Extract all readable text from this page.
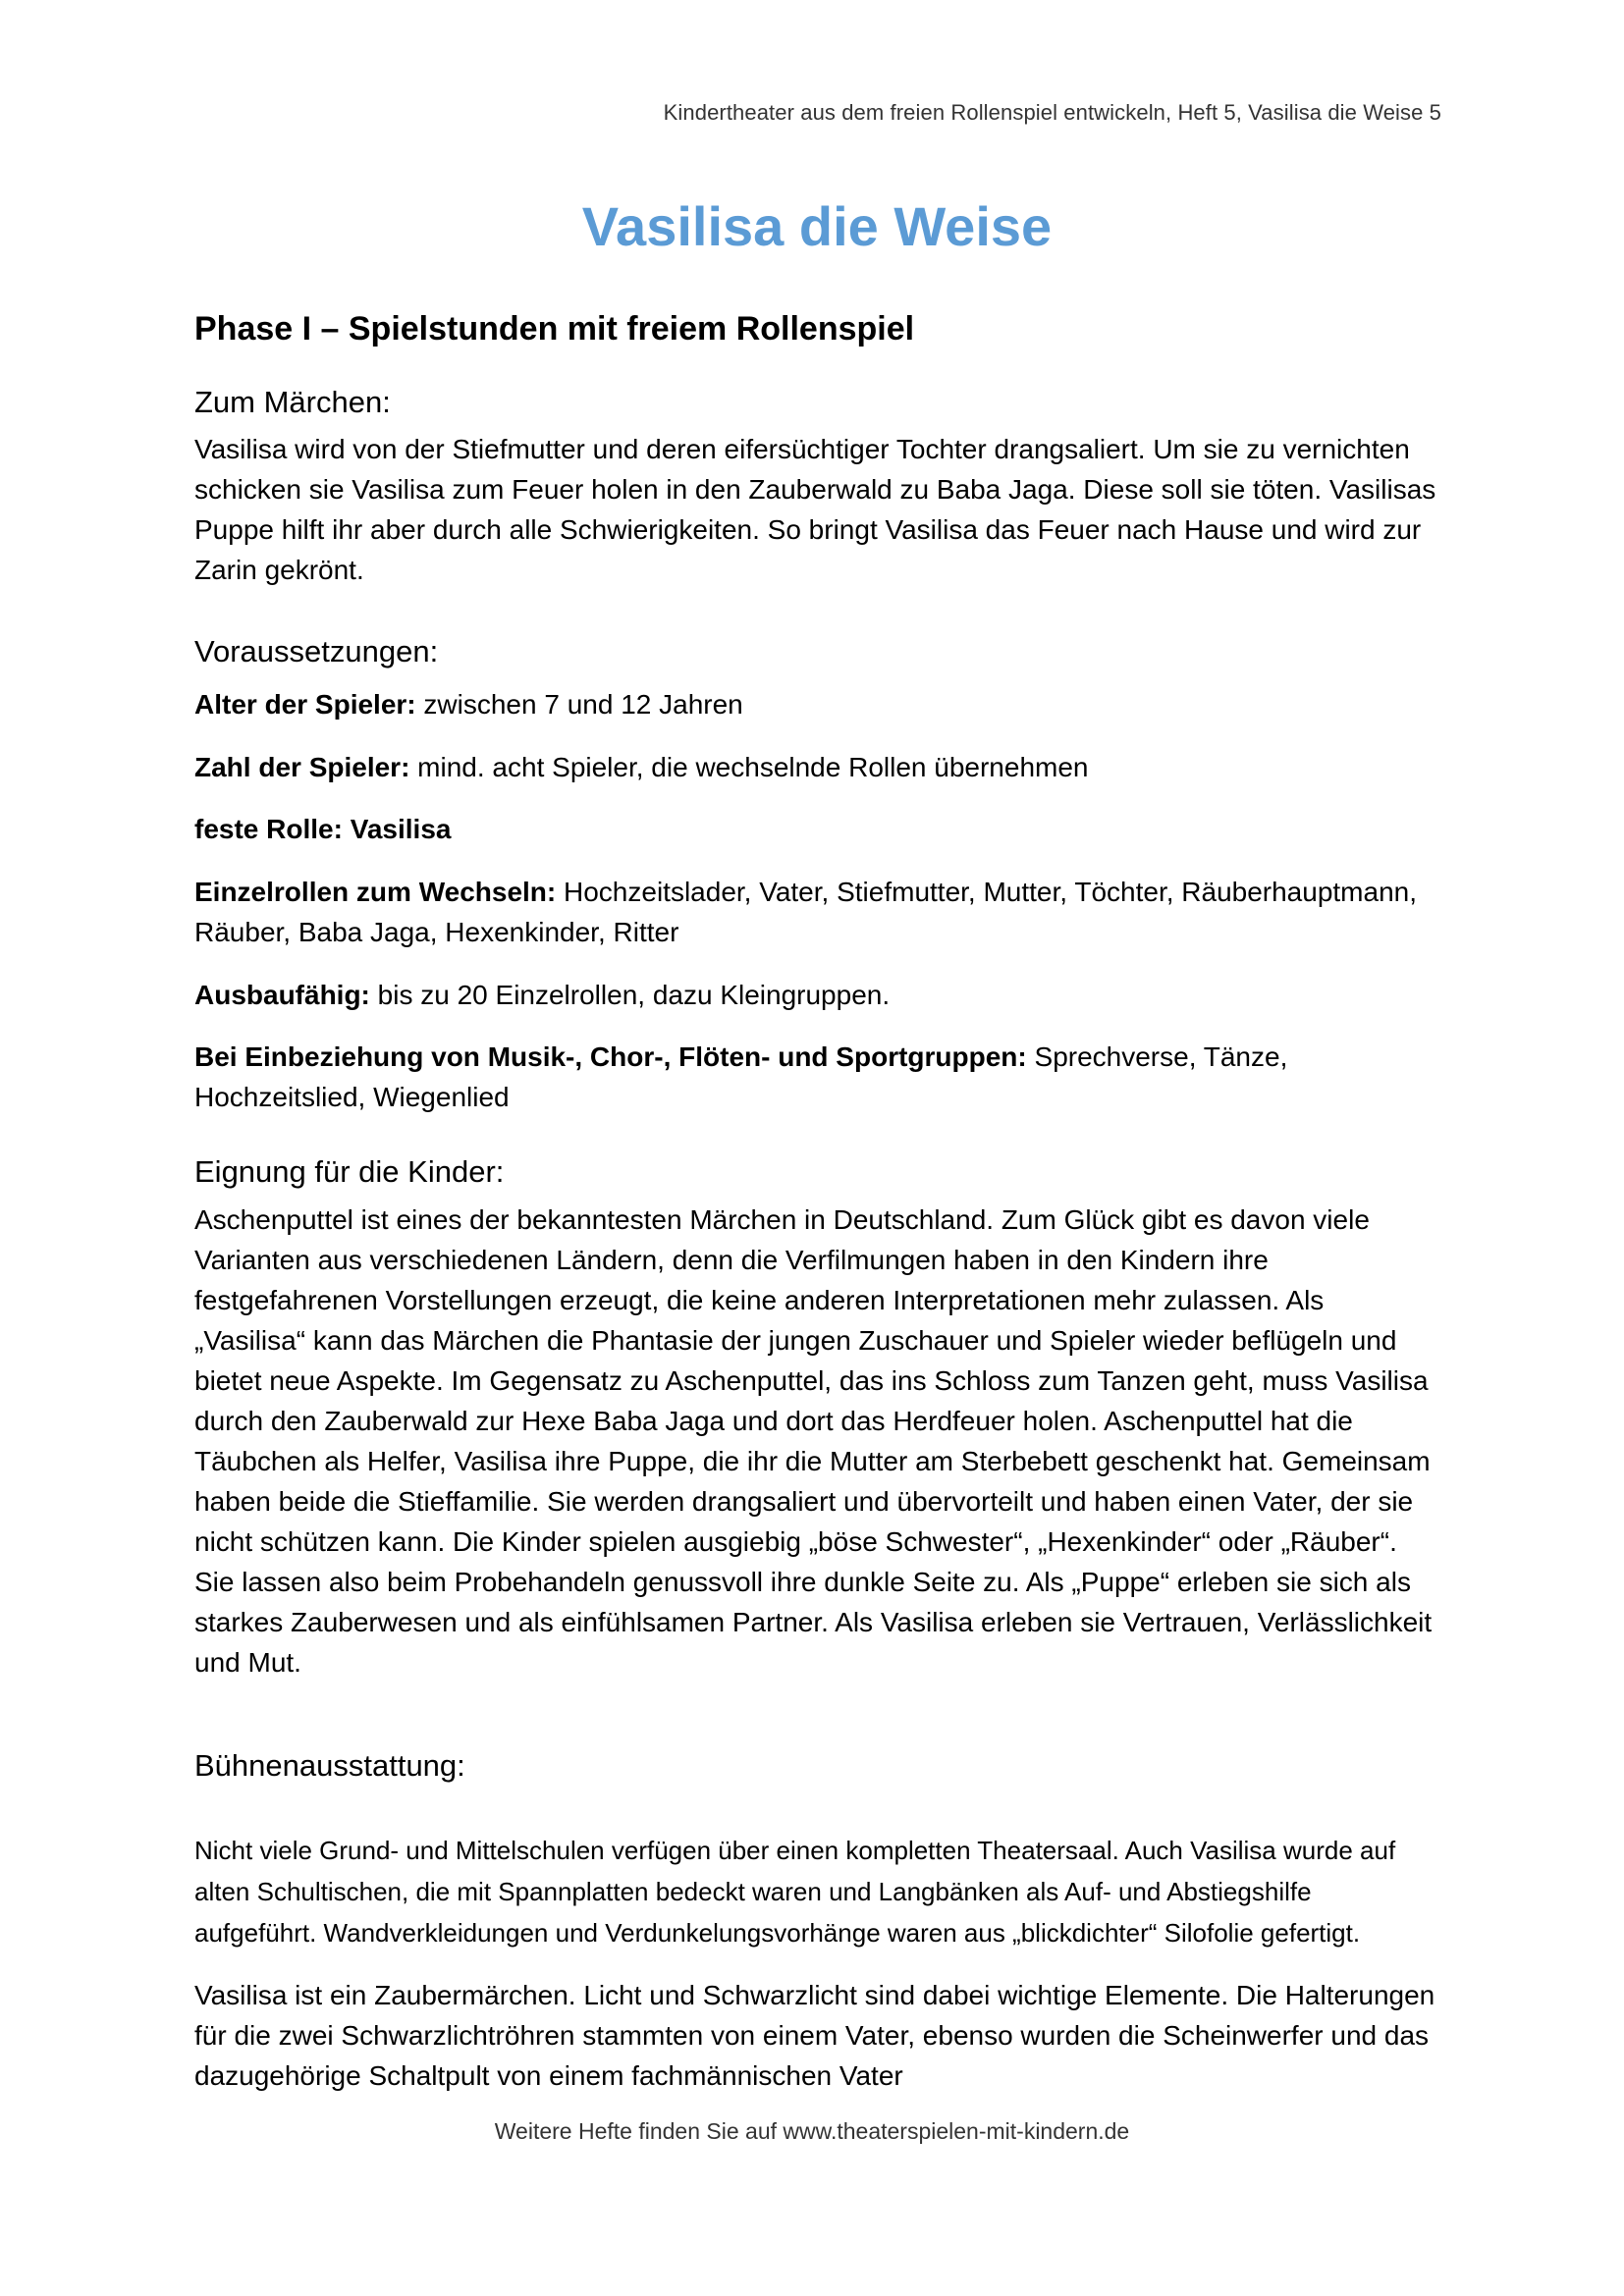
Kindertheater aus dem freien Rollenspiel entwickeln, Heft 5, Vasilisa die Weise 5
Vasilisa die Weise
Phase I – Spielstunden mit freiem Rollenspiel
Zum Märchen:

Vasilisa wird von der Stiefmutter und deren eifersüchtiger Tochter drangsaliert. Um sie zu vernichten schicken sie Vasilisa zum Feuer holen in den Zauberwald zu Baba Jaga. Diese soll sie töten. Vasilisas Puppe hilft ihr aber durch alle Schwierigkeiten. So bringt Vasilisa das Feuer nach Hause und wird zur Zarin gekrönt.

Voraussetzungen:

Alter der Spieler: zwischen 7 und 12 Jahren

Zahl der Spieler: mind. acht Spieler, die wechselnde Rollen übernehmen

feste Rolle: Vasilisa

Einzelrollen zum Wechseln: Hochzeitslader, Vater, Stiefmutter, Mutter, Töchter, Räuberhauptmann, Räuber, Baba Jaga, Hexenkinder, Ritter

Ausbaufähig: bis zu 20 Einzelrollen, dazu Kleingruppen.

Bei Einbeziehung von Musik-, Chor-, Flöten- und Sportgruppen: Sprechverse, Tänze, Hochzeitslied, Wiegenlied

Eignung für die Kinder:

Aschenputtel ist eines der bekanntesten Märchen in Deutschland. Zum Glück gibt es davon viele Varianten aus verschiedenen Ländern, denn die Verfilmungen haben in den Kindern ihre festgefahrenen Vorstellungen erzeugt, die keine anderen Interpretationen mehr zulassen. Als „Vasilisa“ kann das Märchen die Phantasie der jungen Zuschauer und Spieler wieder beflügeln und bietet neue Aspekte. Im Gegensatz zu Aschenputtel, das ins Schloss zum Tanzen geht, muss Vasilisa durch den Zauberwald zur Hexe Baba Jaga und dort das Herdfeuer holen. Aschenputtel hat die Täubchen als Helfer, Vasilisa ihre Puppe, die ihr die Mutter am Sterbebett geschenkt hat. Gemeinsam haben beide die Stieffamilie. Sie werden drangsaliert und übervorteilt und haben einen Vater, der sie nicht schützen kann. Die Kinder spielen ausgiebig „böse Schwester“, „Hexenkinder“ oder „Räuber“. Sie lassen also beim Probehandeln genussvoll ihre dunkle Seite zu. Als „Puppe“ erleben sie sich als starkes Zauberwesen und als einfühlsamen Partner. Als Vasilisa erleben sie Vertrauen, Verlässlichkeit und Mut.

Bühnenausstattung:

Nicht viele Grund- und Mittelschulen verfügen über einen kompletten Theatersaal. Auch Vasilisa wurde auf alten Schultischen, die mit Spannplatten bedeckt waren und Langbänken als Auf- und Abstiegshilfe aufgeführt. Wandverkleidungen und Verdunkelungsvorhänge waren aus „blickdichter“ Silofolie gefertigt.

Vasilisa ist ein Zaubermärchen. Licht und Schwarzlicht sind dabei wichtige Elemente. Die Halterungen für die zwei Schwarzlichtröhren stammten von einem Vater, ebenso wurden die Scheinwerfer und das dazugehörige Schaltpult von einem fachmännischen Vater

Weitere Hefte finden Sie auf www.theaterspielen-mit-kindern.de
